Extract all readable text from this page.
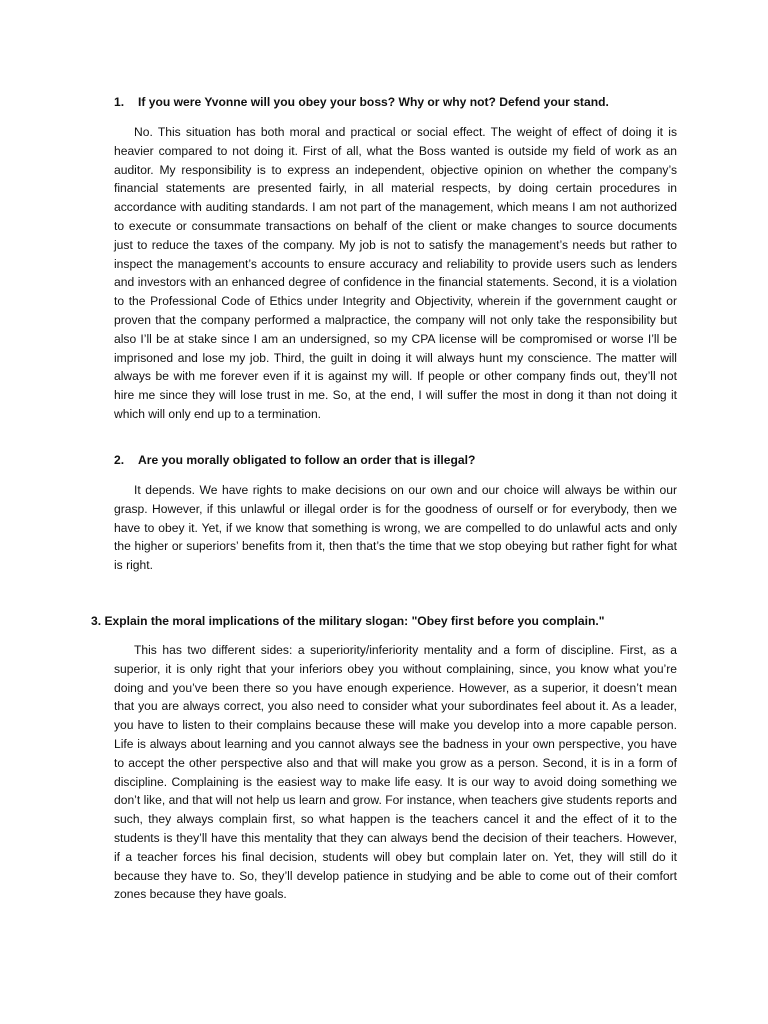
1. If you were Yvonne will you obey your boss? Why or why not? Defend your stand.

No. This situation has both moral and practical or social effect. The weight of effect of doing it is heavier compared to not doing it. First of all, what the Boss wanted is outside my field of work as an auditor. My responsibility is to express an independent, objective opinion on whether the company’s financial statements are presented fairly, in all material respects, by doing certain procedures in accordance with auditing standards. I am not part of the management, which means I am not authorized to execute or consummate transactions on behalf of the client or make changes to source documents just to reduce the taxes of the company. My job is not to satisfy the management’s needs but rather to inspect the management’s accounts to ensure accuracy and reliability to provide users such as lenders and investors with an enhanced degree of confidence in the financial statements. Second, it is a violation to the Professional Code of Ethics under Integrity and Objectivity, wherein if the government caught or proven that the company performed a malpractice, the company will not only take the responsibility but also I’ll be at stake since I am an undersigned, so my CPA license will be compromised or worse I’ll be imprisoned and lose my job. Third, the guilt in doing it will always hunt my conscience. The matter will always be with me forever even if it is against my will. If people or other company finds out, they’ll not hire me since they will lose trust in me. So, at the end, I will suffer the most in dong it than not doing it which will only end up to a termination.

2. Are you morally obligated to follow an order that is illegal?

It depends. We have rights to make decisions on our own and our choice will always be within our grasp. However, if this unlawful or illegal order is for the goodness of ourself or for everybody, then we have to obey it. Yet, if we know that something is wrong, we are compelled to do unlawful acts and only the higher or superiors’ benefits from it, then that’s the time that we stop obeying but rather fight for what is right.

3. Explain the moral implications of the military slogan: "Obey first before you complain."

This has two different sides: a superiority/inferiority mentality and a form of discipline. First, as a superior, it is only right that your inferiors obey you without complaining, since, you know what you’re doing and you’ve been there so you have enough experience. However, as a superior, it doesn’t mean that you are always correct, you also need to consider what your subordinates feel about it. As a leader, you have to listen to their complains because these will make you develop into a more capable person. Life is always about learning and you cannot always see the badness in your own perspective, you have to accept the other perspective also and that will make you grow as a person. Second, it is in a form of discipline. Complaining is the easiest way to make life easy. It is our way to avoid doing something we don’t like, and that will not help us learn and grow. For instance, when teachers give students reports and such, they always complain first, so what happen is the teachers cancel it and the effect of it to the students is they’ll have this mentality that they can always bend the decision of their teachers. However, if a teacher forces his final decision, students will obey but complain later on. Yet, they will still do it because they have to. So, they’ll develop patience in studying and be able to come out of their comfort zones because they have goals.
